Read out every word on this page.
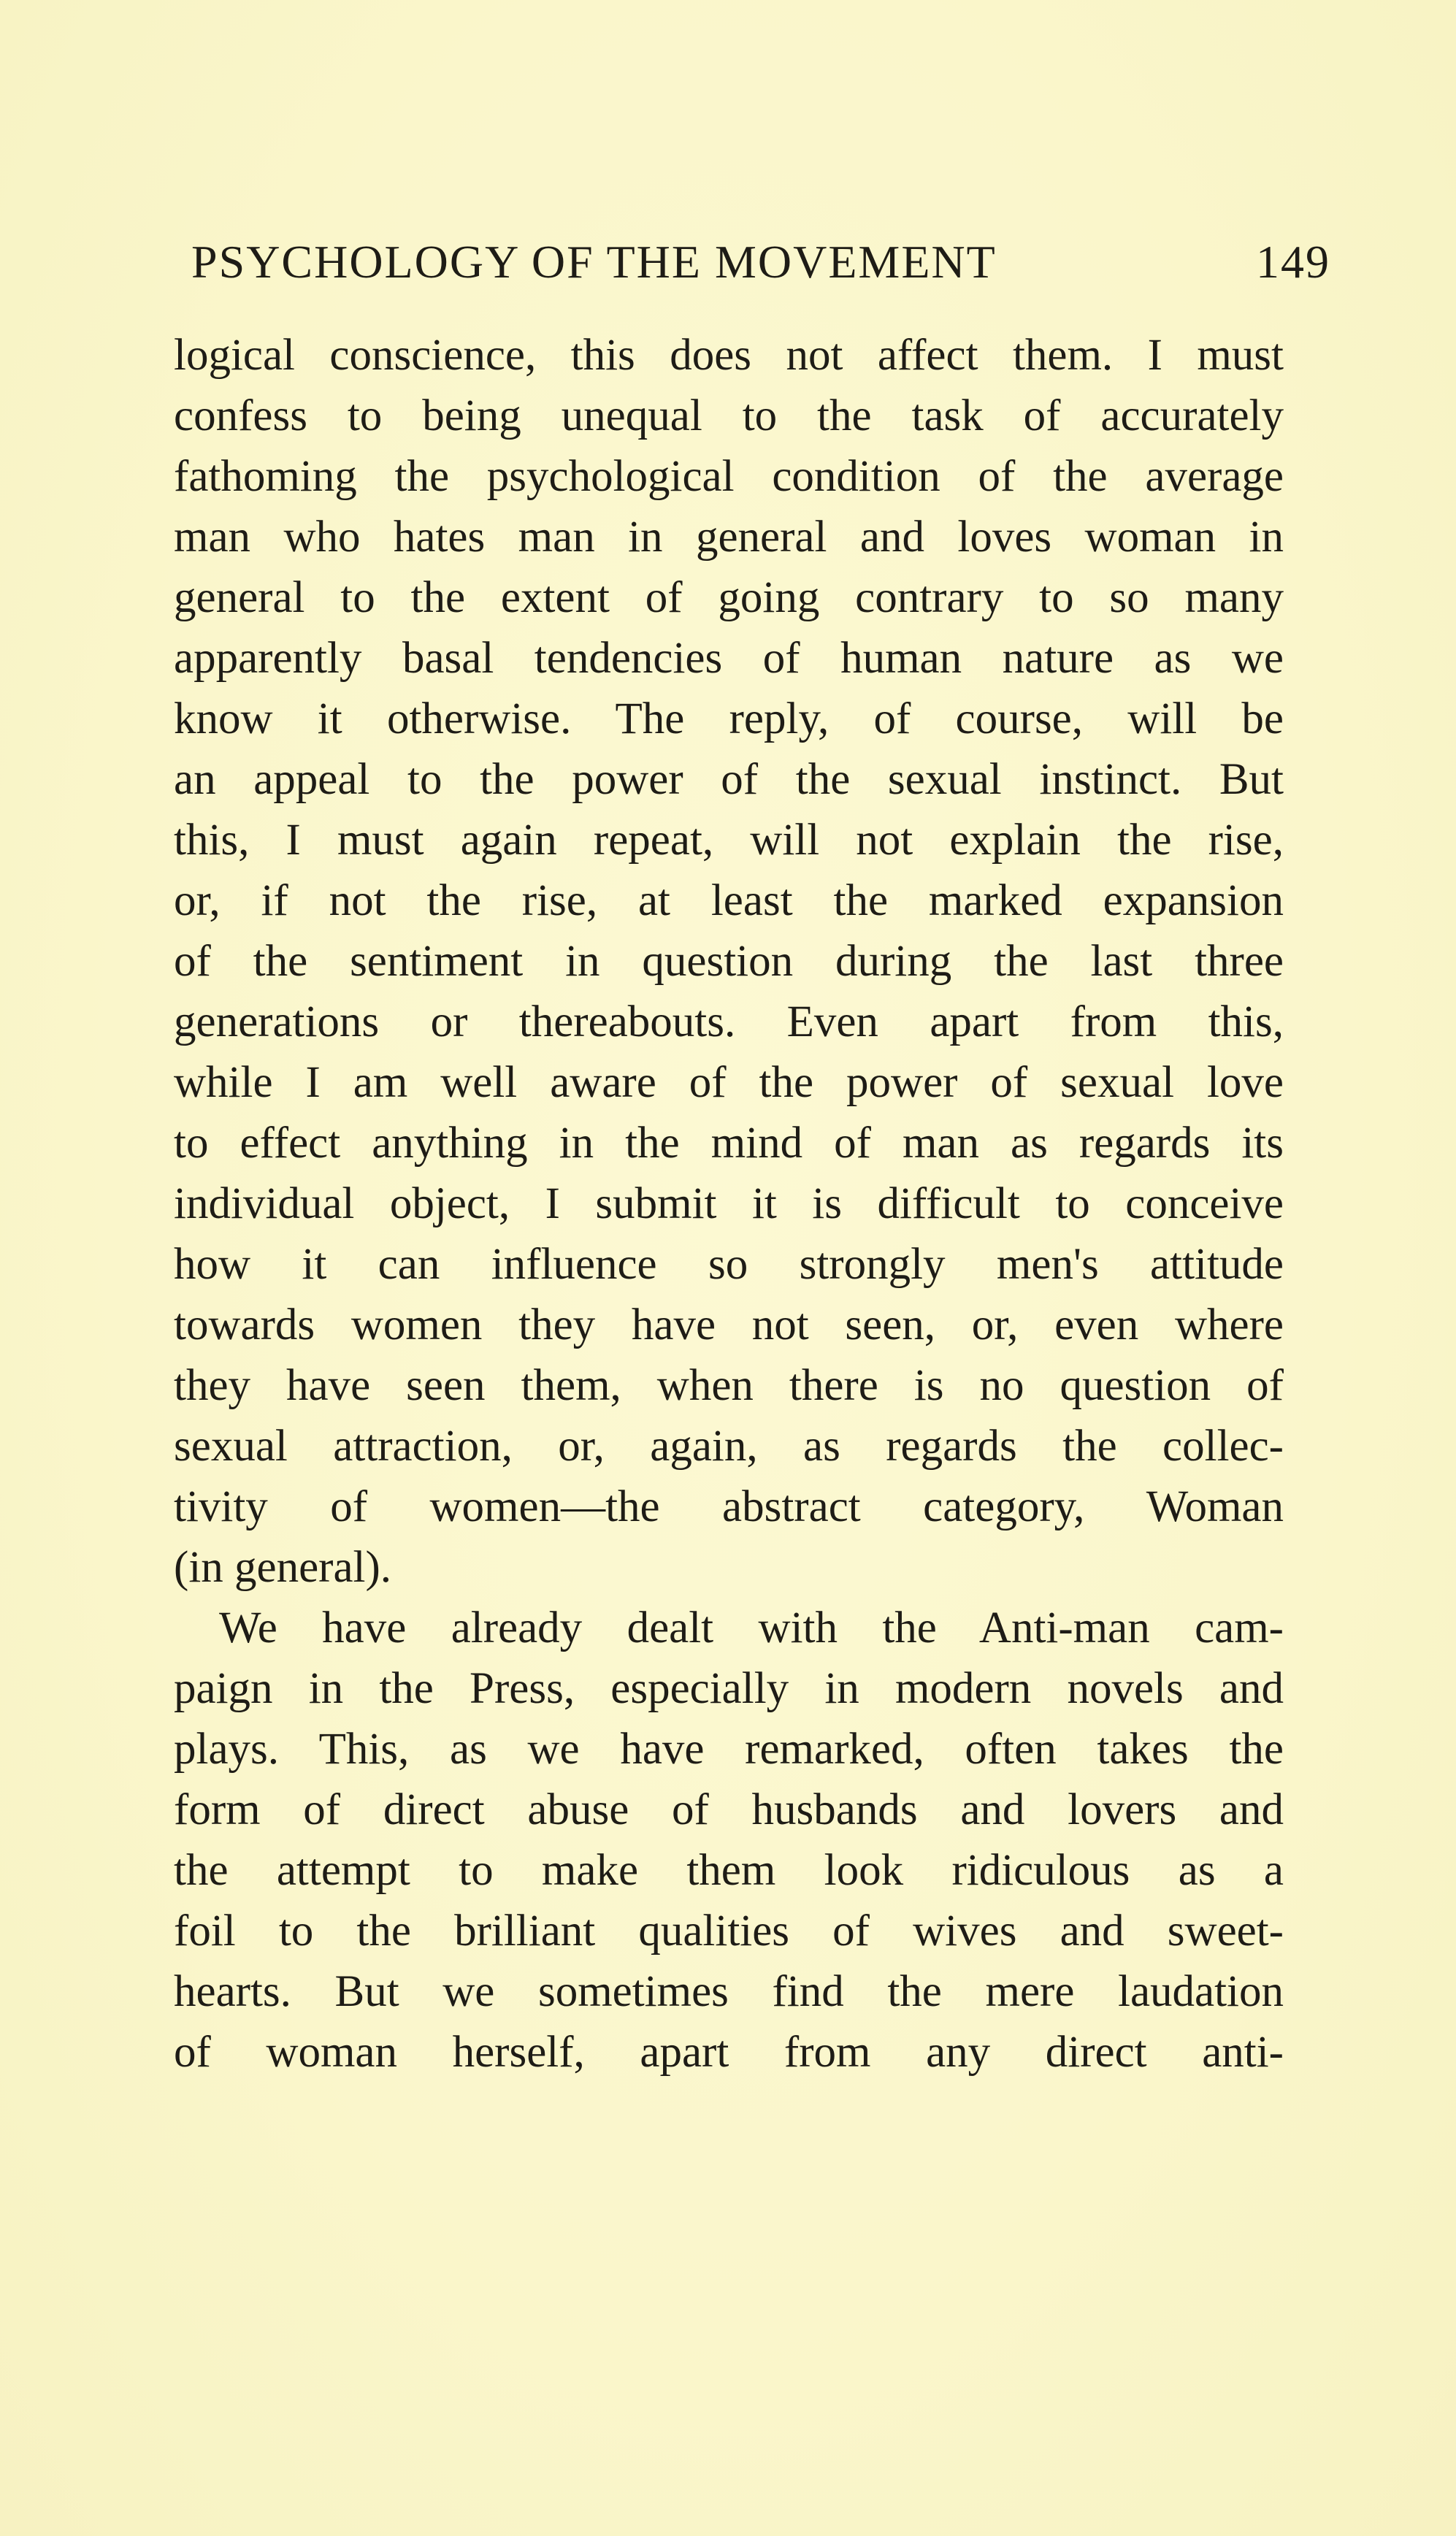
PSYCHOLOGY OF THE MOVEMENT	149
logical conscience, this does not affect them. I must
confess to being unequal to the task of accurately
fathoming the psychological condition of the average
man who hates man in general and loves woman in
general to the extent of going contrary to so many
apparently basal tendencies of human nature as we
know it otherwise. The reply, of course, will be
an appeal to the power of the sexual instinct. But
this, I must again repeat, will not explain the rise,
or, if not the rise, at least the marked expansion
of the sentiment in question during the last three
generations or thereabouts. Even apart from this,
while I am well aware of the power of sexual love
to effect anything in the mind of man as regards its
individual object, I submit it is difficult to conceive
how it can influence so strongly men's attitude
towards women they have not seen, or, even where
they have seen them, when there is no question of
sexual attraction, or, again, as regards the collec-
tivity of women—the abstract category, Woman
(in general).
We have already dealt with the Anti-man cam-
paign in the Press, especially in modern novels and
plays. This, as we have remarked, often takes the
form of direct abuse of husbands and lovers and
the attempt to make them look ridiculous as a
foil to the brilliant qualities of wives and sweet-
hearts. But we sometimes find the mere laudation
of woman herself, apart from any direct anti-
